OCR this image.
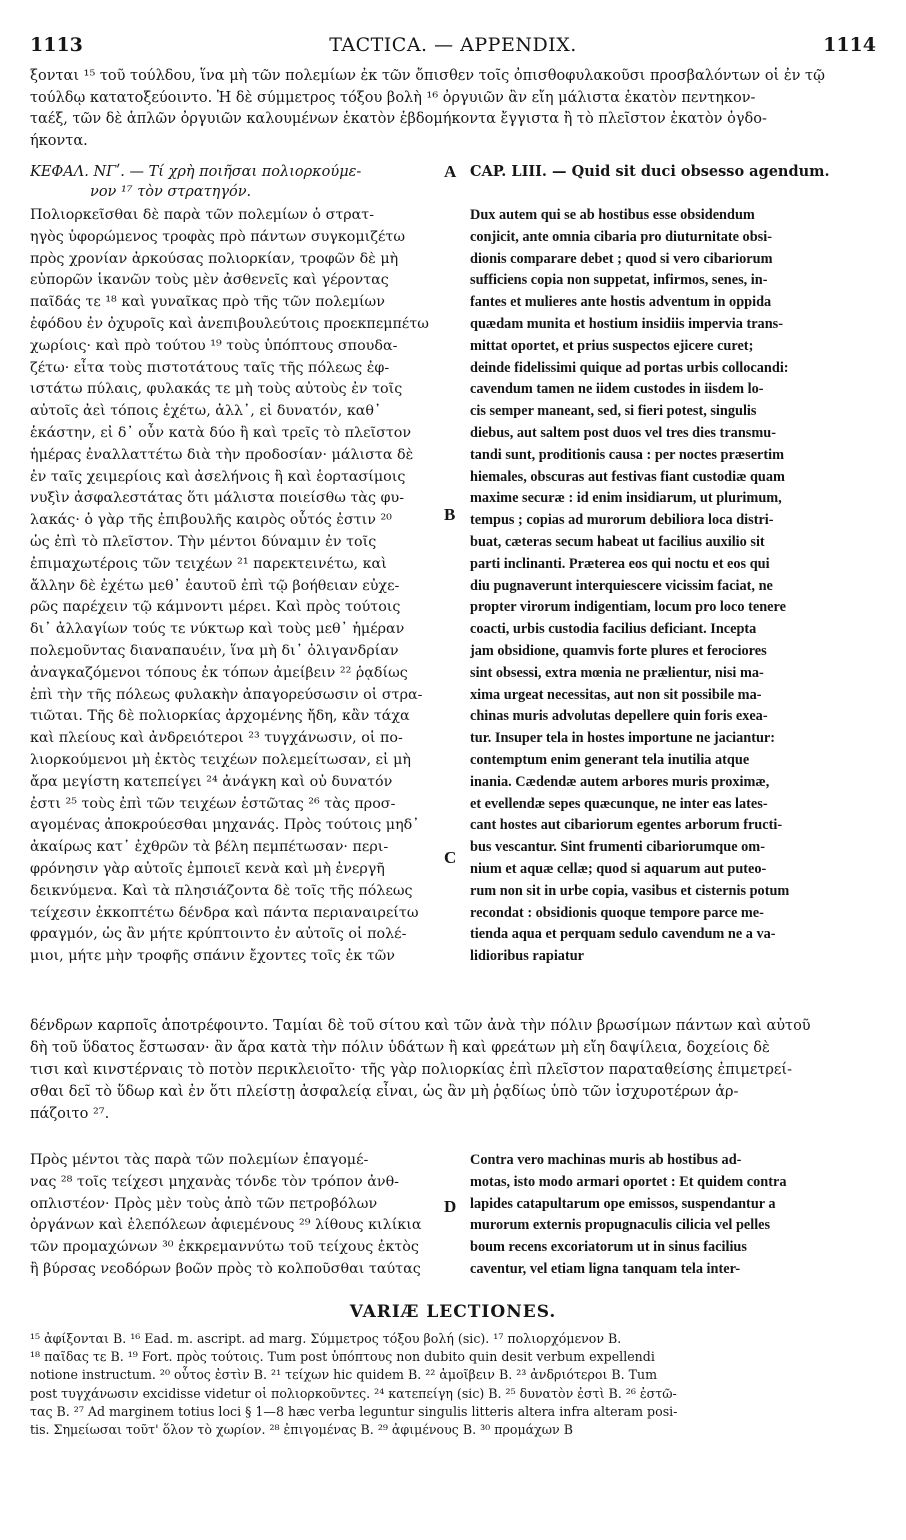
1113	TACTICA. — APPENDIX.	1114
ξονται ¹⁵ τοῦ τούλδου, ἵνα μὴ τῶν πολεμίων ἐκ τῶν ὄπισθεν τοῖς ὀπισθοφυλακοῦσι προσβαλόντων οἱ ἐν τῷ
τούλδῳ κατατοξεύοιντο. Ἡ δὲ σύμμετρος τόξου βολὴ ¹⁶ ὀργυιῶν ἂν εἴη μάλιστα ἑκατὸν πεντηκον-
ταέξ, τῶν δὲ ἁπλῶν ὀργυιῶν καλουμένων ἑκατὸν ἑβδομήκοντα ἔγγιστα ἢ τὸ πλεῖστον ἑκατὸν ὀγδο-
ήκοντα.
ΚΕΦΑΛ. ΝΓʹ. — Τί χρὴ ποιῆσαι πολιορκούμε-
νον ¹⁷ τὸν στρατηγόν.
A CAP. LIII. — Quid sit duci obsesso agendum.
Πολιορκεῖσθαι δὲ παρὰ τῶν πολεμίων ὁ στρατ-
ηγὸς ὑφορώμενος τροφὰς πρὸ πάντων συγκομιζέτω
πρὸς χρονίαν ἀρκούσας πολιορκίαν, τροφῶν δὲ μὴ
εὐπορῶν ἱκανῶν τοὺς μὲν ἀσθενεῖς καὶ γέροντας
παῖδάς τε ¹⁸ καὶ γυναῖκας πρὸ τῆς τῶν πολεμίων
ἐφόδου ἐν ὀχυροῖς καὶ ἀνεπιβουλεύτοις προεκπεμπέτω
χωρίοις· καὶ πρὸ τούτου ¹⁹ τοὺς ὑπόπτους σπουδα-
ζέτω· εἶτα τοὺς πιστοτάτους ταῖς τῆς πόλεως ἐφ-
ιστάτω πύλαις, φυλακάς τε μὴ τοὺς αὐτοὺς ἐν τοῖς
αὐτοῖς ἀεὶ τόποις ἐχέτω, ἀλλ᾽, εἰ δυνατόν, καθ᾽
ἑκάστην, εἰ δ᾽ οὖν κατὰ δύο ἢ καὶ τρεῖς τὸ πλεῖστον
ἡμέρας ἐναλλαττέτω διὰ τὴν προδοσίαν· μάλιστα δὲ
ἐν ταῖς χειμερίοις καὶ ἀσελήνοις ἢ καὶ ἑορτασίμοις
νυξὶν ἀσφαλεστάτας ὅτι μάλιστα ποιείσθω τὰς φυ-
λακάς· ὁ γὰρ τῆς ἐπιβουλῆς καιρὸς οὗτός ἐστιν ²⁰
ὡς ἐπὶ τὸ πλεῖστον. Τὴν μέντοι δύναμιν ἐν τοῖς
ἐπιμαχωτέροις τῶν τειχέων ²¹ παρεκτεινέτω, καὶ
ἄλλην δὲ ἐχέτω μεθ᾽ ἑαυτοῦ ἐπὶ τῷ βοήθειαν εὐχε-
ρῶς παρέχειν τῷ κάμνοντι μέρει. Καὶ πρὸς τούτοις
δι᾽ ἀλλαγίων τούς τε νύκτωρ καὶ τοὺς μεθ᾽ ἡμέραν
πολεμοῦντας διαναπαυέιν, ἵνα μὴ δι᾽ ὀλιγανδρίαν
ἀναγκαζόμενοι τόπους ἐκ τόπων ἀμείβειν ²² ῥᾳδίως
ἐπὶ τὴν τῆς πόλεως φυλακὴν ἀπαγορεύσωσιν οἱ στρα-
τιῶται. Τῆς δὲ πολιορκίας ἀρχομένης ἤδη, κἂν τάχα
καὶ πλείους καὶ ἀνδρειότεροι ²³ τυγχάνωσιν, οἱ πο-
λιορκούμενοι μὴ ἐκτὸς τειχέων πολεμείτωσαν, εἰ μὴ
ἄρα μεγίστη κατεπείγει ²⁴ ἀνάγκη καὶ οὐ δυνατόν
ἐστι ²⁵ τοὺς ἐπὶ τῶν τειχέων ἑστῶτας ²⁶ τὰς προσ-
αγομένας ἀποκρούεσθαι μηχανάς. Πρὸς τούτοις μηδ᾽
ἀκαίρως κατ᾽ ἐχθρῶν τὰ βέλη πεμπέτωσαν· περι-
φρόνησιν γὰρ αὐτοῖς ἐμποιεῖ κενὰ καὶ μὴ ἐνεργῆ
δεικνύμενα. Καὶ τὰ πλησιάζοντα δὲ τοῖς τῆς πόλεως
τείχεσιν ἐκκοπτέτω δένδρα καὶ πάντα περιαναιρείτω
φραγμόν, ὡς ἂν μήτε κρύπτοιντο ἐν αὐτοῖς οἱ πολέ-
μιοι, μήτε μὴν τροφῆς σπάνιν ἔχοντες τοῖς ἐκ τῶν
B
C
Dux autem qui se ab hostibus esse obsidendum
conjicit, ante omnia cibaria pro diuturnitate obsi-
dionis comparare debet ; quod si vero cibariorum
sufficiens copia non suppetat, infirmos, senes, in-
fantes et mulieres ante hostis adventum in oppida
quædam munita et hostium insidiis impervia trans-
mittat oportet, et prius suspectos ejicere curet;
deinde fidelissimi quique ad portas urbis collocandi:
cavendum tamen ne iidem custodes in iisdem lo-
cis semper maneant, sed, si fieri potest, singulis
diebus, aut saltem post duos vel tres dies transmu-
tandi sunt, proditionis causa : per noctes præsertim
hiemales, obscuras aut festivas fiant custodiæ quam
maxime securæ : id enim insidiarum, ut plurimum,
tempus ; copias ad murorum debiliora loca distri-
buat, cæteras secum habeat ut facilius auxilio sit
parti inclinanti. Præterea eos qui noctu et eos qui
diu pugnaverunt interquiescere vicissim faciat, ne
propter virorum indigentiam, locum pro loco tenere
coacti, urbis custodia facilius deficiant. Incepta
jam obsidione, quamvis forte plures et ferociores
sint obsessi, extra mœnia ne prælientur, nisi ma-
xima urgeat necessitas, aut non sit possibile ma-
chinas muris advolutas depellere quin foris exea-
tur. Insuper tela in hostes importune ne jaciantur:
contemptum enim generant tela inutilia atque
inania. Cædendæ autem arbores muris proximæ,
et evellendæ sepes quæcunque, ne inter eas lates-
cant hostes aut cibariorum egentes arborum fructi-
bus vescantur. Sint frumenti cibariorumque om-
nium et aquæ cellæ; quod si aquarum aut puteo-
rum non sit in urbe copia, vasibus et cisternis potum
recondat : obsidionis quoque tempore parce me-
tienda aqua et perquam sedulo cavendum ne a va-
lidioribus rapiatur
δένδρων καρποῖς ἀποτρέφοιντο. Ταμίαι δὲ τοῦ σίτου καὶ τῶν ἀνὰ τὴν πόλιν βρωσίμων πάντων καὶ αὐτοῦ
δὴ τοῦ ὕδατος ἔστωσαν· ἂν ἄρα κατὰ τὴν πόλιν ὑδάτων ἢ καὶ φρεάτων μὴ εἴη δαψίλεια, δοχείοις δὲ
τισι καὶ κινστέρναις τὸ ποτὸν περικλειοῖτο· τῆς γὰρ πολιορκίας ἐπὶ πλεῖστον παραταθείσης ἐπιμετρεί-
σθαι δεῖ τὸ ὕδωρ καὶ ἐν ὅτι πλείστῃ ἀσφαλείᾳ εἶναι, ὡς ἂν μὴ ῥᾳδίως ὑπὸ τῶν ἰσχυροτέρων ἁρ-
πάζοιτο ²⁷.
Πρὸς μέντοι τὰς παρὰ τῶν πολεμίων ἐπαγομέ-
νας ²⁸ τοῖς τείχεσι μηχανὰς τόνδε τὸν τρόπον ἀνθ-
οπλιστέον· Πρὸς μὲν τοὺς ἀπὸ τῶν πετροβόλων
ὀργάνων καὶ ἑλεπόλεων ἀφιεμένους ²⁹ λίθους κιλίκια
τῶν προμαχώνων ³⁰ ἐκκρεμαννύτω τοῦ τείχους ἐκτὸς
ἢ βύρσας νεοδόρων βοῶν πρὸς τὸ κολποῦσθαι ταύτας
D
Contra vero machinas muris ab hostibus ad-
motas, isto modo armari oportet : Et quidem contra
lapides catapultarum ope emissos, suspendantur a
murorum externis propugnaculis cilicia vel pelles
boum recens excoriatorum ut in sinus facilius
caventur, vel etiam ligna tanquam tela inter-
VARIÆ LECTIONES.
¹⁵ ἀφίξονται B. ¹⁶ Ead. m. ascript. ad marg. Σύμμετρος τόξου βολή (sic). ¹⁷ πολιορχόμενον B.
¹⁸ παῖδας τε B. ¹⁹ Fort. πρὸς τούτοις. Tum post ὑπόπτους non dubito quin desit verbum expellendi
notione instructum. ²⁰ οὗτος ἐστὶν B. ²¹ τείχων hic quidem B. ²² ἀμοῖβειν B. ²³ ἀνδριότεροι B. Tum
post τυγχάνωσιν excidisse videtur οἱ πολιορκοῦντες. ²⁴ κατεπείγη (sic) B. ²⁵ δυνατὸν ἐστὶ B. ²⁶ ἐστῶ-
τας B. ²⁷ Ad marginem totius loci § 1—8 hæc verba leguntur singulis litteris altera infra alteram posi-
tis. Σημείωσαι τοῦτ' ὅλον τὸ χωρίον. ²⁸ ἐπιγομένας B. ²⁹ ἀφιμένους B. ³⁰ προμάχων B
